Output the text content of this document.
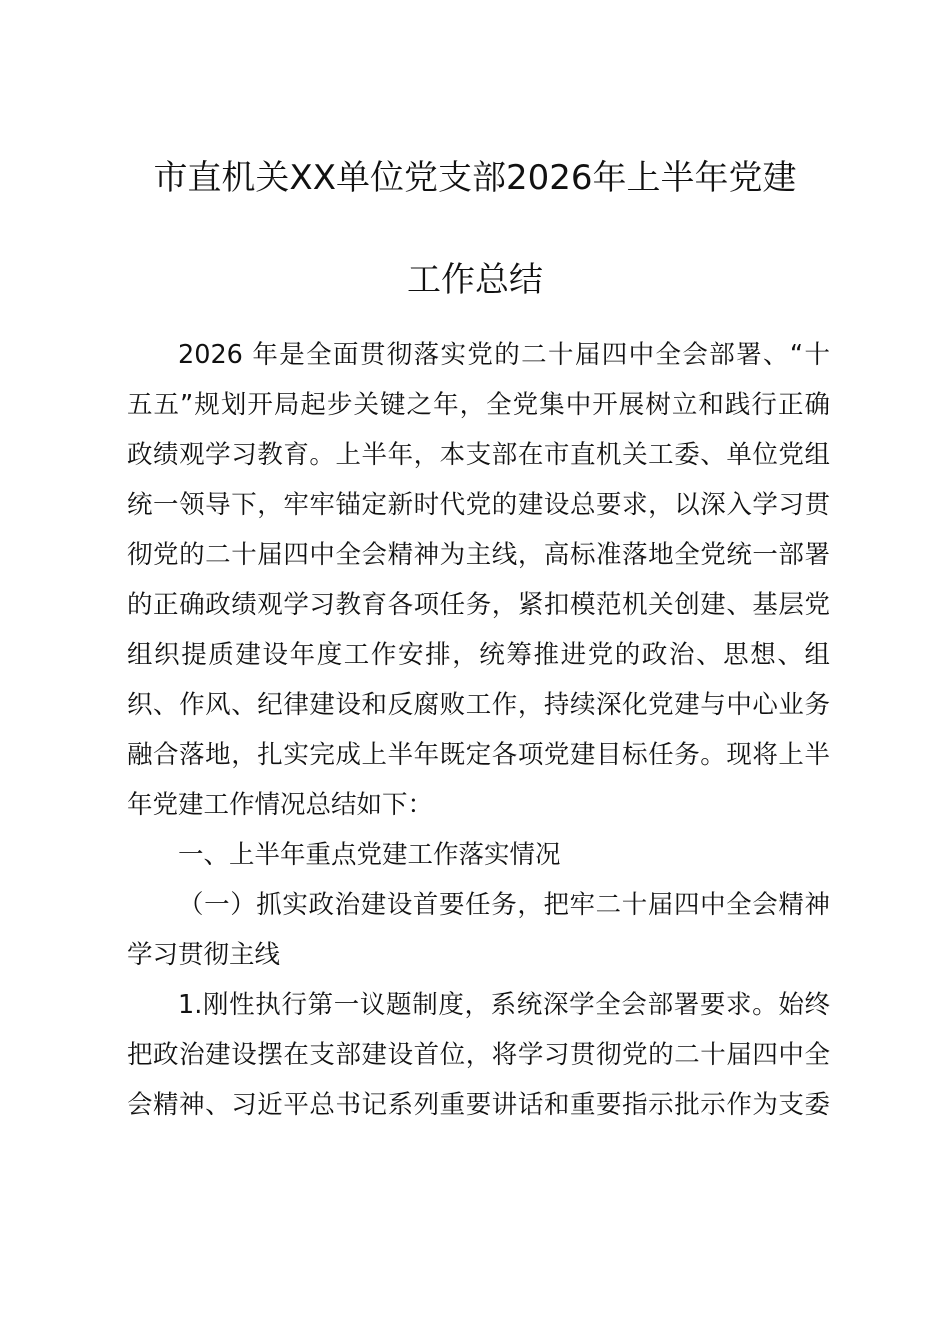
市直机关XX单位党支部2026年上半年党建
工作总结

2026 年是全面贯彻落实党的二十届四中全会部署、“十

五五”规划开局起步关键之年，全党集中开展树立和践行正确

政绩观学习教育。上半年，本支部在市直机关工委、单位党组

统一领导下，牢牢锚定新时代党的建设总要求，以深入学习贯

彻党的二十届四中全会精神为主线，高标准落地全党统一部署

的正确政绩观学习教育各项任务，紧扣模范机关创建、基层党

组织提质建设年度工作安排，统筹推进党的政治、思想、组

织、作风、纪律建设和反腐败工作，持续深化党建与中心业务

融合落地，扎实完成上半年既定各项党建目标任务。现将上半

年党建工作情况总结如下：

一、上半年重点党建工作落实情况

（一）抓实政治建设首要任务，把牢二十届四中全会精神

学习贯彻主线

1.刚性执行第一议题制度，系统深学全会部署要求。始终

把政治建设摆在支部建设首位，将学习贯彻党的二十届四中全

会精神、习近平总书记系列重要讲话和重要指示批示作为支委
